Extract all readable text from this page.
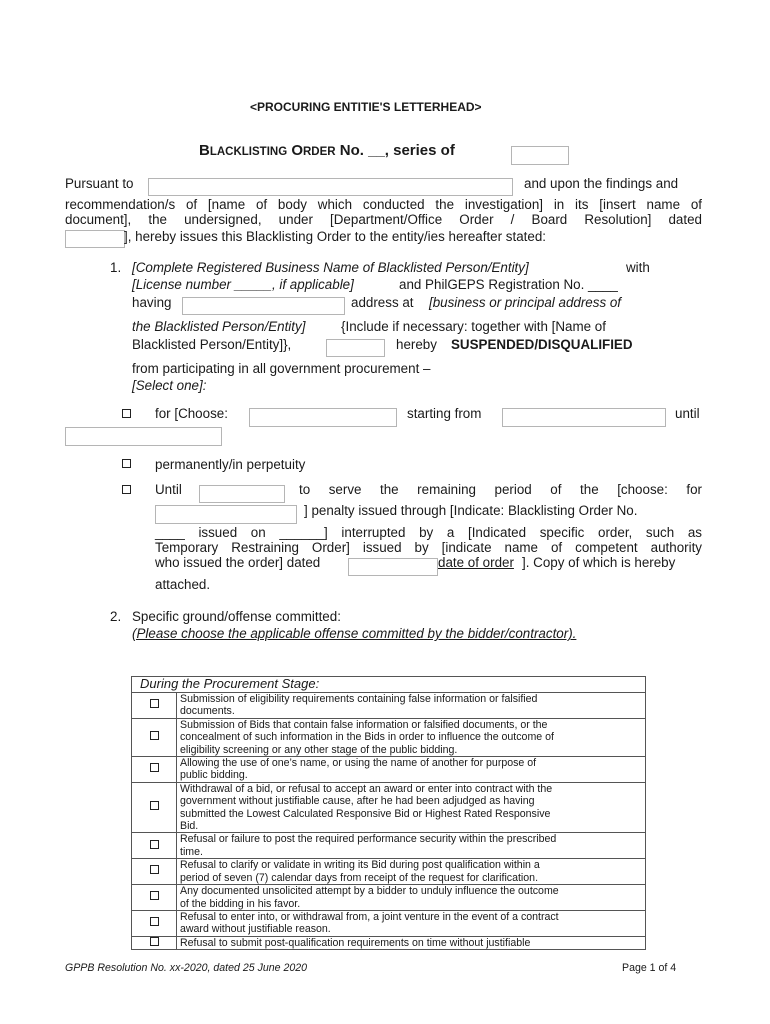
<PROCURING ENTITIE'S LETTERHEAD>
BLACKLISTING ORDER No. __, series of
Pursuant to	and upon the findings and
recommendation/s of [name of body which conducted the investigation] in its [insert name of
document], the undersigned, under [Department/Office Order / Board Resolution] dated
], hereby issues this Blacklisting Order to the entity/ies hereafter stated:
1. [Complete Registered Business Name of Blacklisted Person/Entity]	with
[License number _____, if applicable]	and PhilGEPS Registration No. ____
having	address at [business or principal address of
the Blacklisted Person/Entity]	{Include if necessary: together with [Name of
Blacklisted Person/Entity]},	hereby SUSPENDED/DISQUALIFIED
from participating in all government procurement –
[Select one]:
for [Choose:	starting from	until
permanently/in perpetuity
Until	to serve the remaining period of the [choose: for
] penalty issued through [Indicate: Blacklisting Order No.
____ issued on ______] interrupted by a [Indicated specific order, such as
Temporary Restraining Order] issued by [indicate name of competent authority
who issued the order] dated	date of order ]. Copy of which is hereby
attached.
2. Specific ground/offense committed:
(Please choose the applicable offense committed by the bidder/contractor).
During the Procurement Stage:	

	Submission of eligibility requirements containing false information or falsified
documents.

	Submission of Bids that contain false information or falsified documents, or the
concealment of such information in the Bids in order to influence the outcome of
eligibility screening or any other stage of the public bidding.

	Allowing the use of one’s name, or using the name of another for purpose of
public bidding.

	Withdrawal of a bid, or refusal to accept an award or enter into contract with the
government without justifiable cause, after he had been adjudged as having
submitted the Lowest Calculated Responsive Bid or Highest Rated Responsive
Bid.

	Refusal or failure to post the required performance security within the prescribed
time.

	Refusal to clarify or validate in writing its Bid during post qualification within a
period of seven (7) calendar days from receipt of the request for clarification.

	Any documented unsolicited attempt by a bidder to unduly influence the outcome
of the bidding in his favor.

	Refusal to enter into, or withdrawal from, a joint venture in the event of a contract
award without justifiable reason.

	Refusal to submit post-qualification requirements on time without justifiable
GPPB Resolution No. xx-2020, dated 25 June 2020	Page 1 of 4
